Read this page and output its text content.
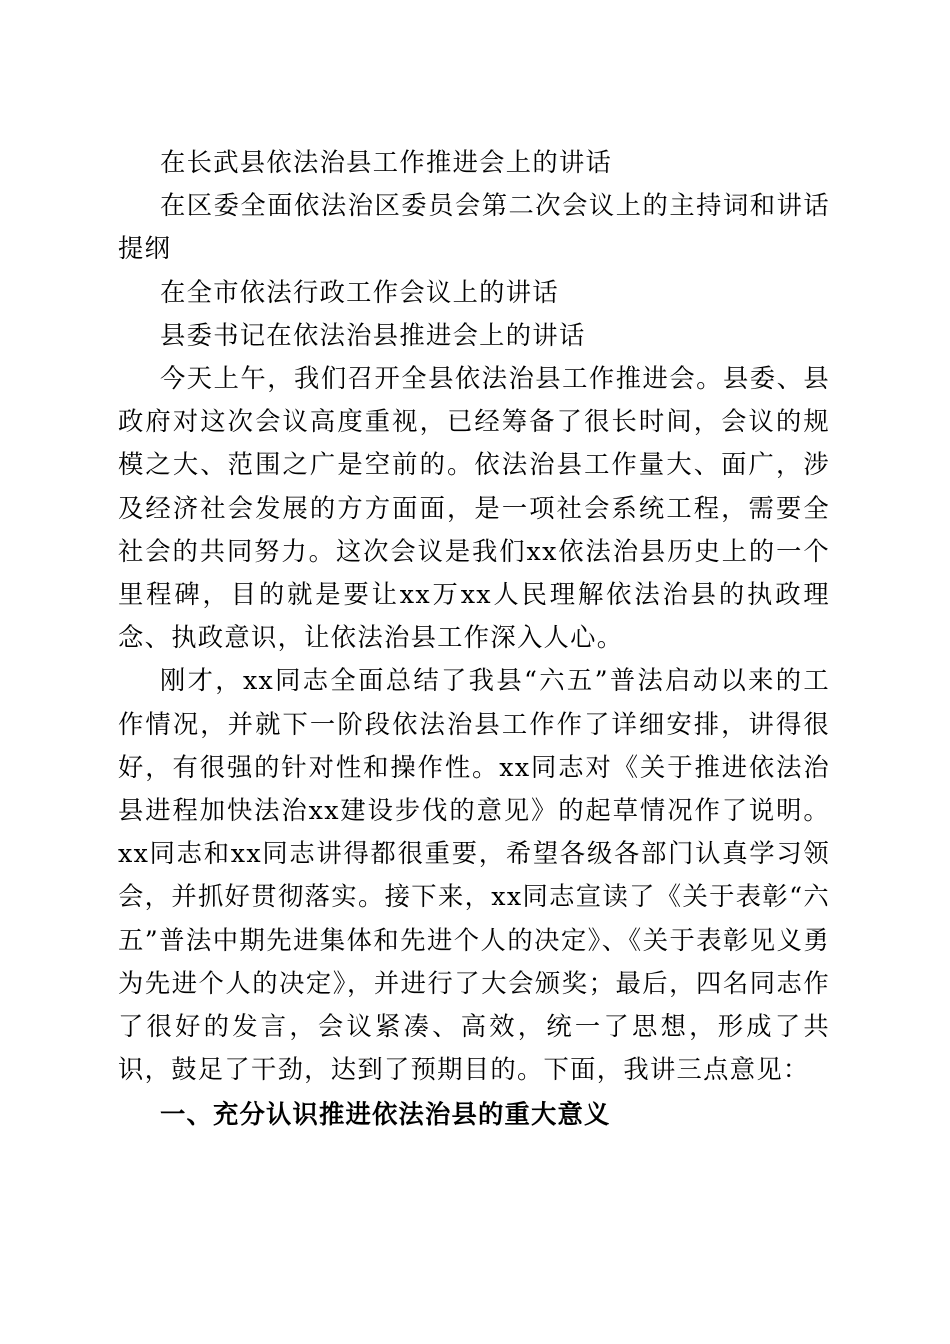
在长武县依法治县工作推进会上的讲话

在区委全面依法治区委员会第二次会议上的主持词和讲话提纲

在全市依法行政工作会议上的讲话

县委书记在依法治县推进会上的讲话

今天上午，我们召开全县依法治县工作推进会。县委、县政府对这次会议高度重视，已经筹备了很长时间，会议的规模之大、范围之广是空前的。依法治县工作量大、面广，涉及经济社会发展的方方面面，是一项社会系统工程，需要全社会的共同努力。这次会议是我们xx依法治县历史上的一个里程碑，目的就是要让xx万xx人民理解依法治县的执政理念、执政意识，让依法治县工作深入人心。

刚才，xx同志全面总结了我县“六五”普法启动以来的工作情况，并就下一阶段依法治县工作作了详细安排，讲得很好，有很强的针对性和操作性。xx同志对《关于推进依法治县进程加快法治xx建设步伐的意见》的起草情况作了说明。xx同志和xx同志讲得都很重要，希望各级各部门认真学习领会，并抓好贯彻落实。接下来，xx同志宣读了《关于表彰“六五”普法中期先进集体和先进个人的决定》、《关于表彰见义勇为先进个人的决定》，并进行了大会颁奖；最后，四名同志作了很好的发言，会议紧凑、高效，统一了思想，形成了共识，鼓足了干劲，达到了预期目的。下面，我讲三点意见：

一、充分认识推进依法治县的重大意义
